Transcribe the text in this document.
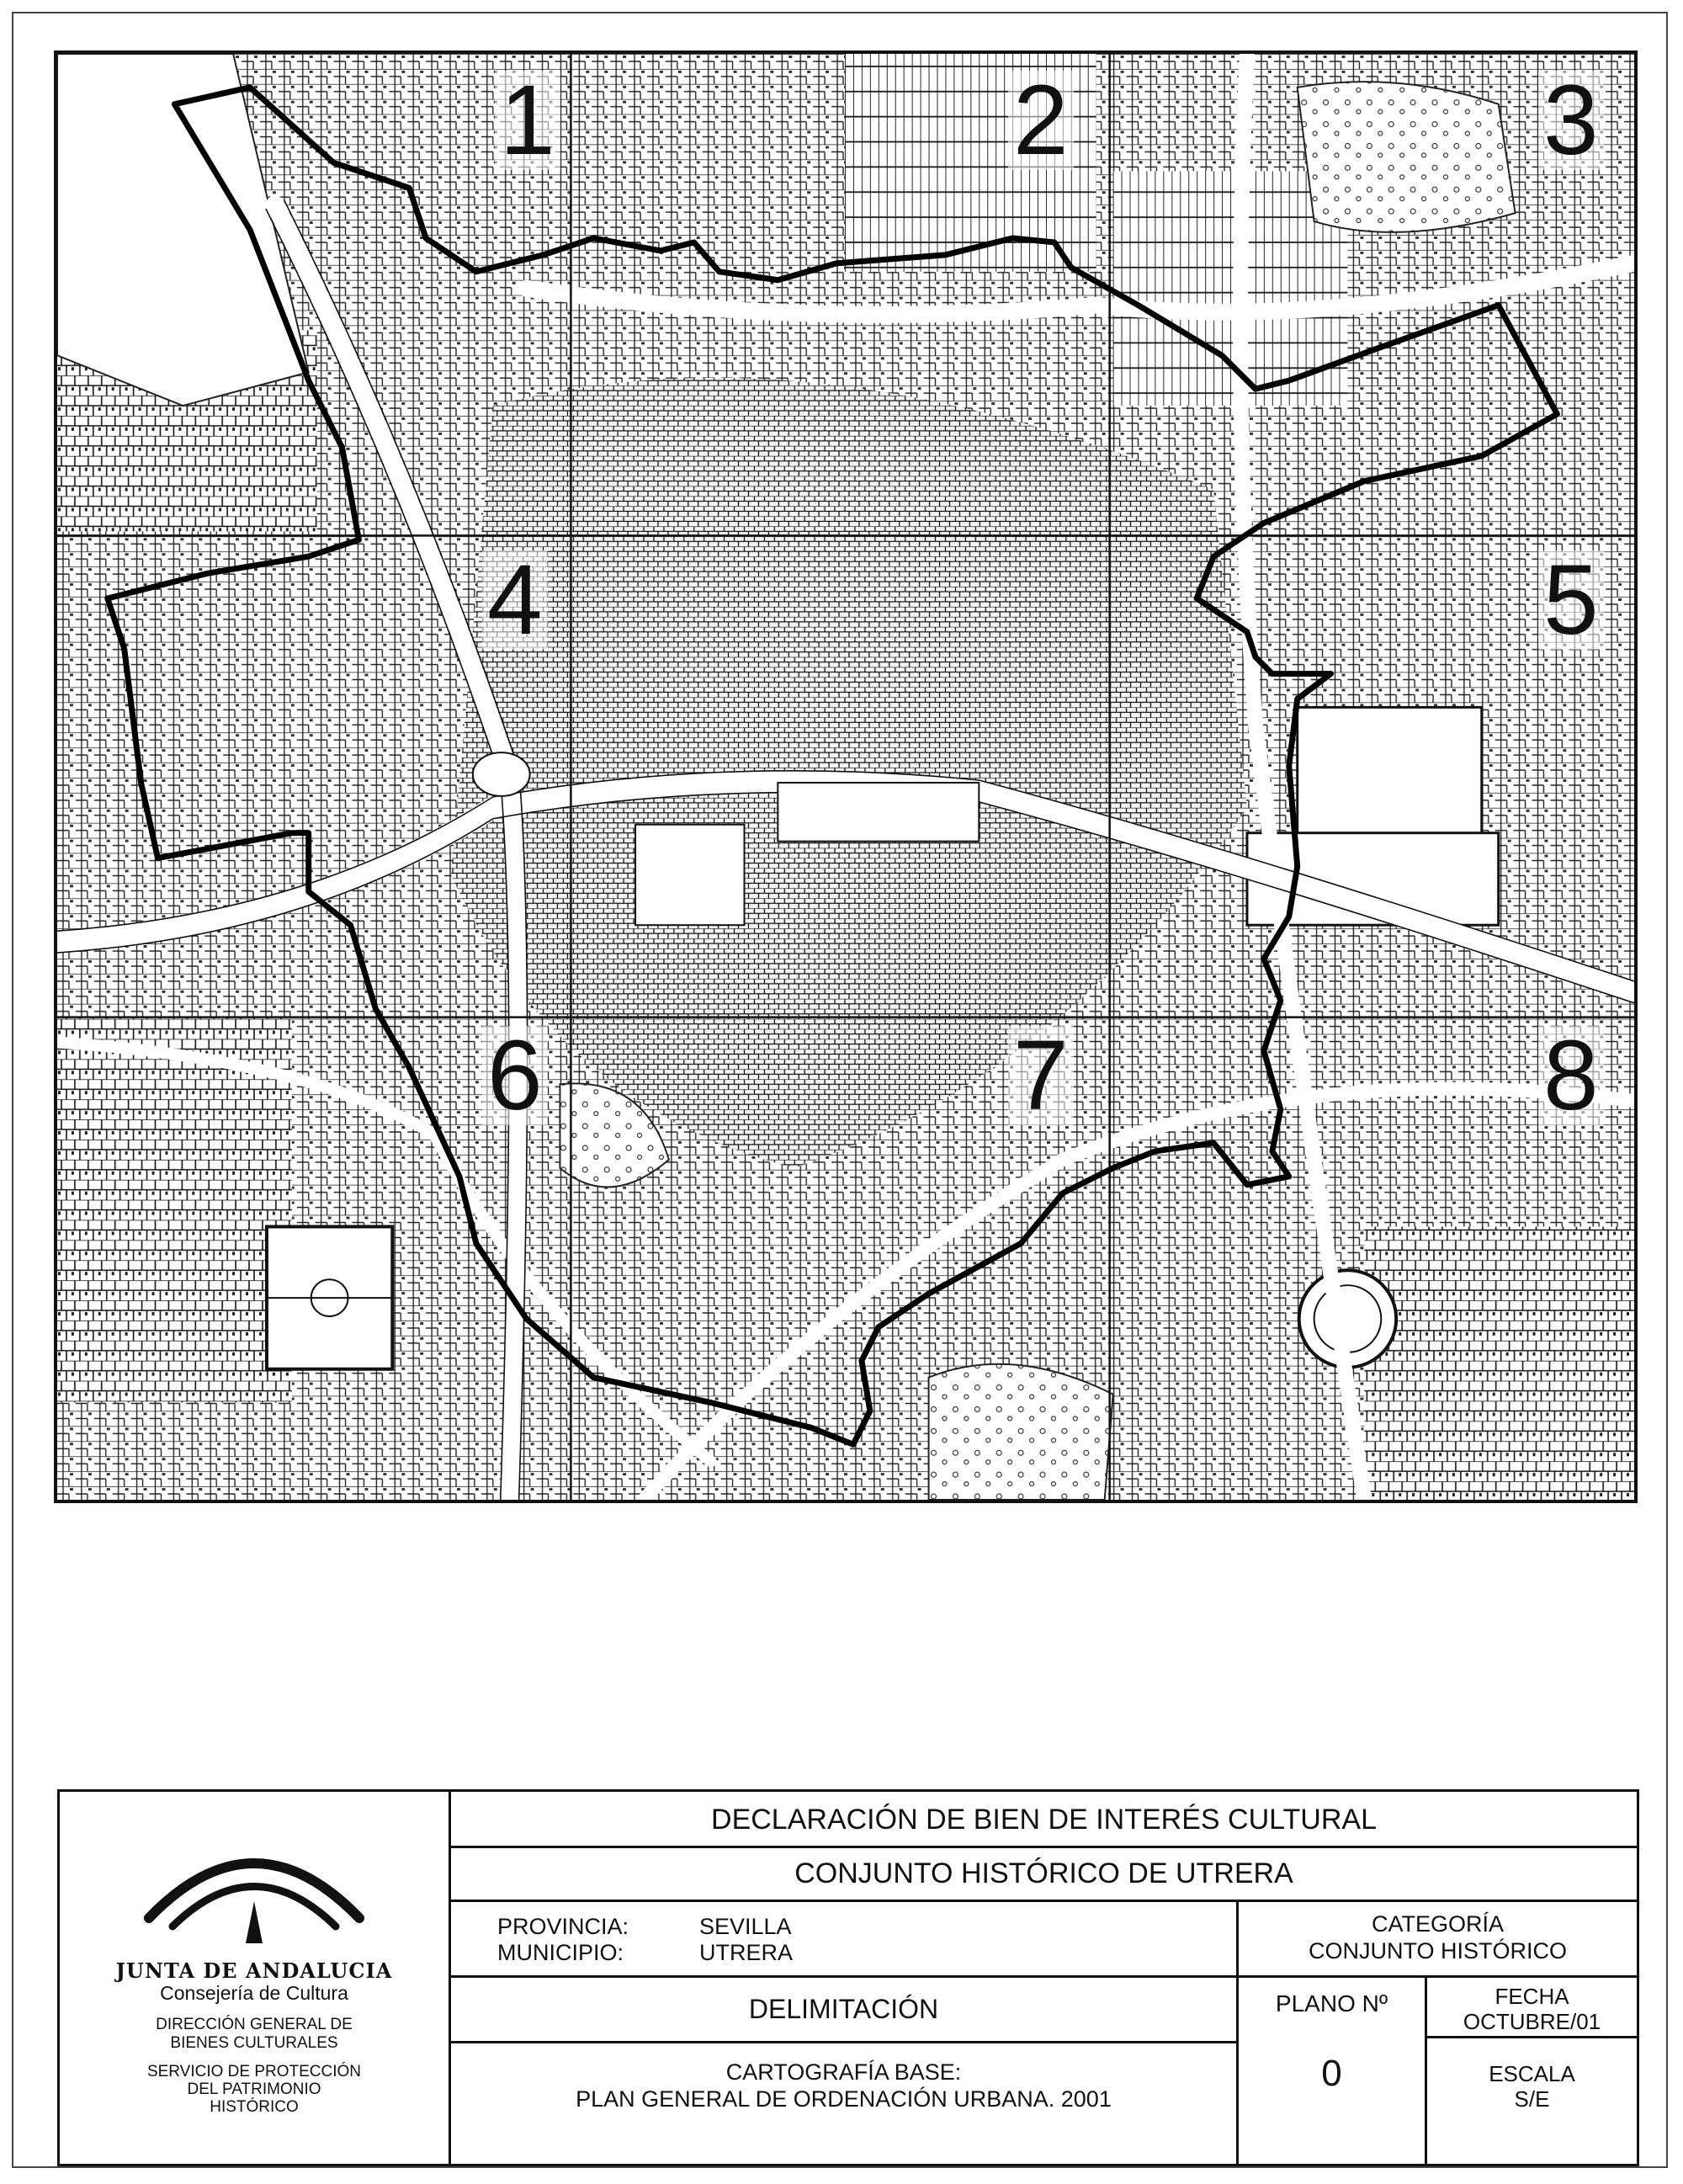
1	2	3
4	5
6	7	8
JUNTA DE ANDALUCIA
Consejería de Cultura
DIRECCIÓN GENERAL DE
BIENES CULTURALES
SERVICIO DE PROTECCIÓN
DEL PATRIMONIO
HISTÓRICO
DECLARACIÓN DE BIEN DE INTERÉS CULTURAL
CONJUNTO HISTÓRICO DE UTRERA
PROVINCIA:	SEVILLA
MUNICIPIO:	UTRERA
CATEGORÍA
CONJUNTO HISTÓRICO
DELIMITACIÓN	PLANO Nº
0
FECHA
OCTUBRE/01
ESCALA
S/E
CARTOGRAFÍA BASE:
PLAN GENERAL DE ORDENACIÓN URBANA. 2001
